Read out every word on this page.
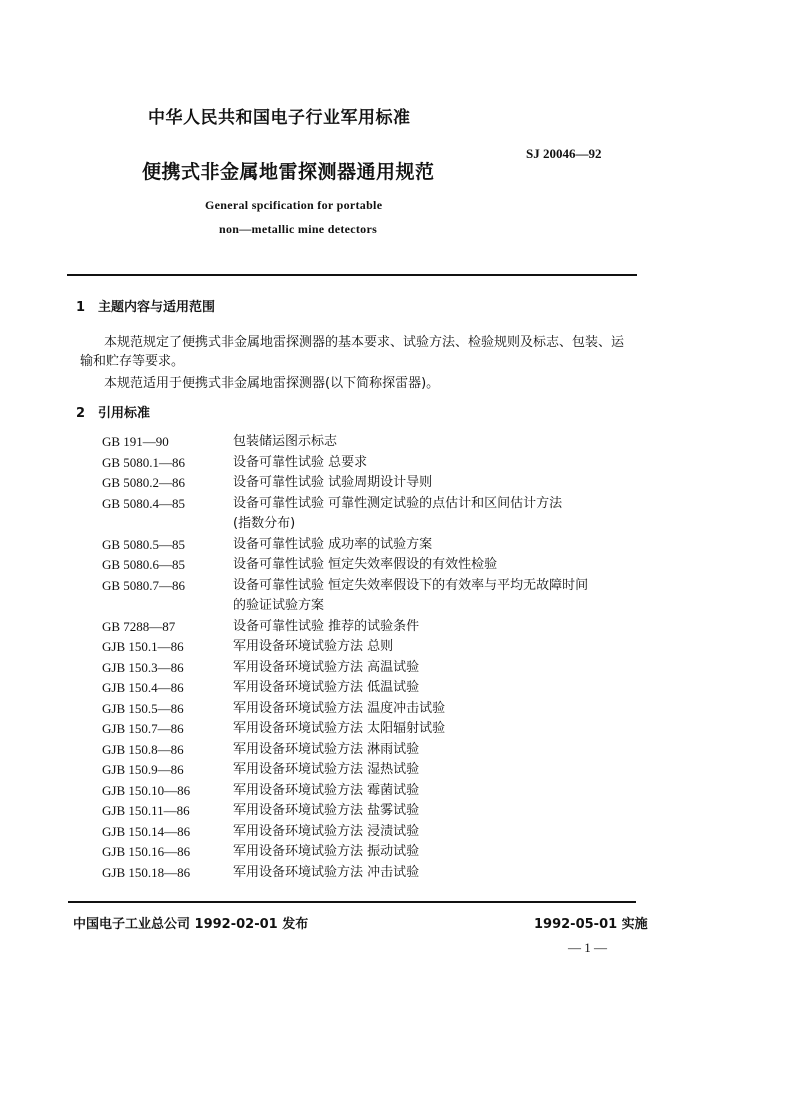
中华人民共和国电子行业军用标准
SJ 20046—92
便携式非金属地雷探测器通用规范
General spcification for portable
non—metallic mine detectors
1 主题内容与适用范围
本规范规定了便携式非金属地雷探测器的基本要求、试验方法、检验规则及标志、包装、运
输和贮存等要求。
本规范适用于便携式非金属地雷探测器(以下简称探雷器)。
2 引用标准
GB 191—90	包装储运图示标志
GB 5080.1—86	设备可靠性试验 总要求
GB 5080.2—86	设备可靠性试验 试验周期设计导则
GB 5080.4—85	设备可靠性试验 可靠性测定试验的点估计和区间估计方法
(指数分布)
GB 5080.5—85	设备可靠性试验 成功率的试验方案
GB 5080.6—85	设备可靠性试验 恒定失效率假设的有效性检验
GB 5080.7—86	设备可靠性试验 恒定失效率假设下的有效率与平均无故障时间
的验证试验方案
GB 7288—87	设备可靠性试验 推荐的试验条件
GJB 150.1—86	军用设备环境试验方法 总则
GJB 150.3—86	军用设备环境试验方法 高温试验
GJB 150.4—86	军用设备环境试验方法 低温试验
GJB 150.5—86	军用设备环境试验方法 温度冲击试验
GJB 150.7—86	军用设备环境试验方法 太阳辐射试验
GJB 150.8—86	军用设备环境试验方法 淋雨试验
GJB 150.9—86	军用设备环境试验方法 湿热试验
GJB 150.10—86	军用设备环境试验方法 霉菌试验
GJB 150.11—86	军用设备环境试验方法 盐雾试验
GJB 150.14—86	军用设备环境试验方法 浸渍试验
GJB 150.16—86	军用设备环境试验方法 振动试验
GJB 150.18—86	军用设备环境试验方法 冲击试验
中国电子工业总公司 1992-02-01 发布	1992-05-01 实施
— 1 —
